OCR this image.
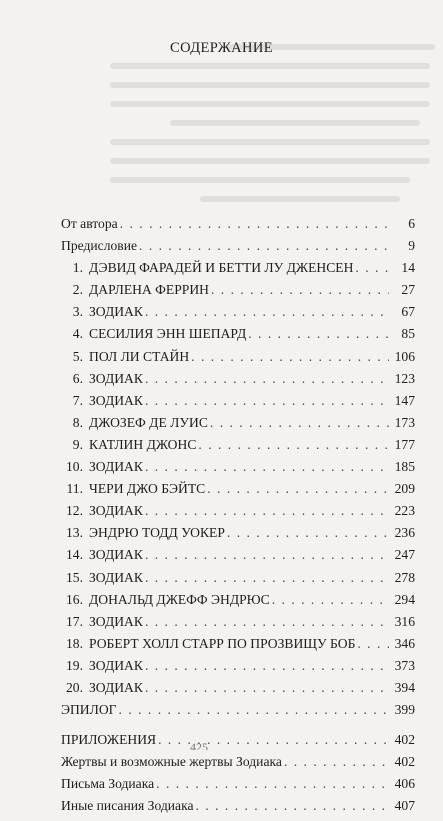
СОДЕРЖАНИЕ
От автора . . .	6
Предисловие . . .	9
1. ДЭВИД ФАРАДЕЙ И БЕТТИ ЛУ ДЖЕНСЕН . . .	14
2. ДАРЛЕНА ФЕРРИН . . .	27
3. ЗОДИАК . . .	67
4. СЕСИЛИЯ ЭНН ШЕПАРД . . .	85
5. ПОЛ ЛИ СТАЙН . . .	106
6. ЗОДИАК . . .	123
7. ЗОДИАК . . .	147
8. ДЖОЗЕФ ДЕ ЛУИС . . .	173
9. КАТЛИН ДЖОНС . . .	177
10. ЗОДИАК . . .	185
11. ЧЕРИ ДЖО БЭЙТС . . .	209
12. ЗОДИАК . . .	223
13. ЭНДРЮ ТОДД УОКЕР . . .	236
14. ЗОДИАК . . .	247
15. ЗОДИАК . . .	278
16. ДОНАЛЬД ДЖЕФФ ЭНДРЮС . . .	294
17. ЗОДИАК . . .	316
18. РОБЕРТ ХОЛЛ СТАРР ПО ПРОЗВИЩУ БОБ . . .	346
19. ЗОДИАК . . .	373
20. ЗОДИАК . . .	394
ЭПИЛОГ . . .	399
ПРИЛОЖЕНИЯ . . .	402
Жертвы и возможные жертвы Зодиака . . .	402
Письма Зодиака . . .	406
Иные писания Зодиака . . .	407
425
